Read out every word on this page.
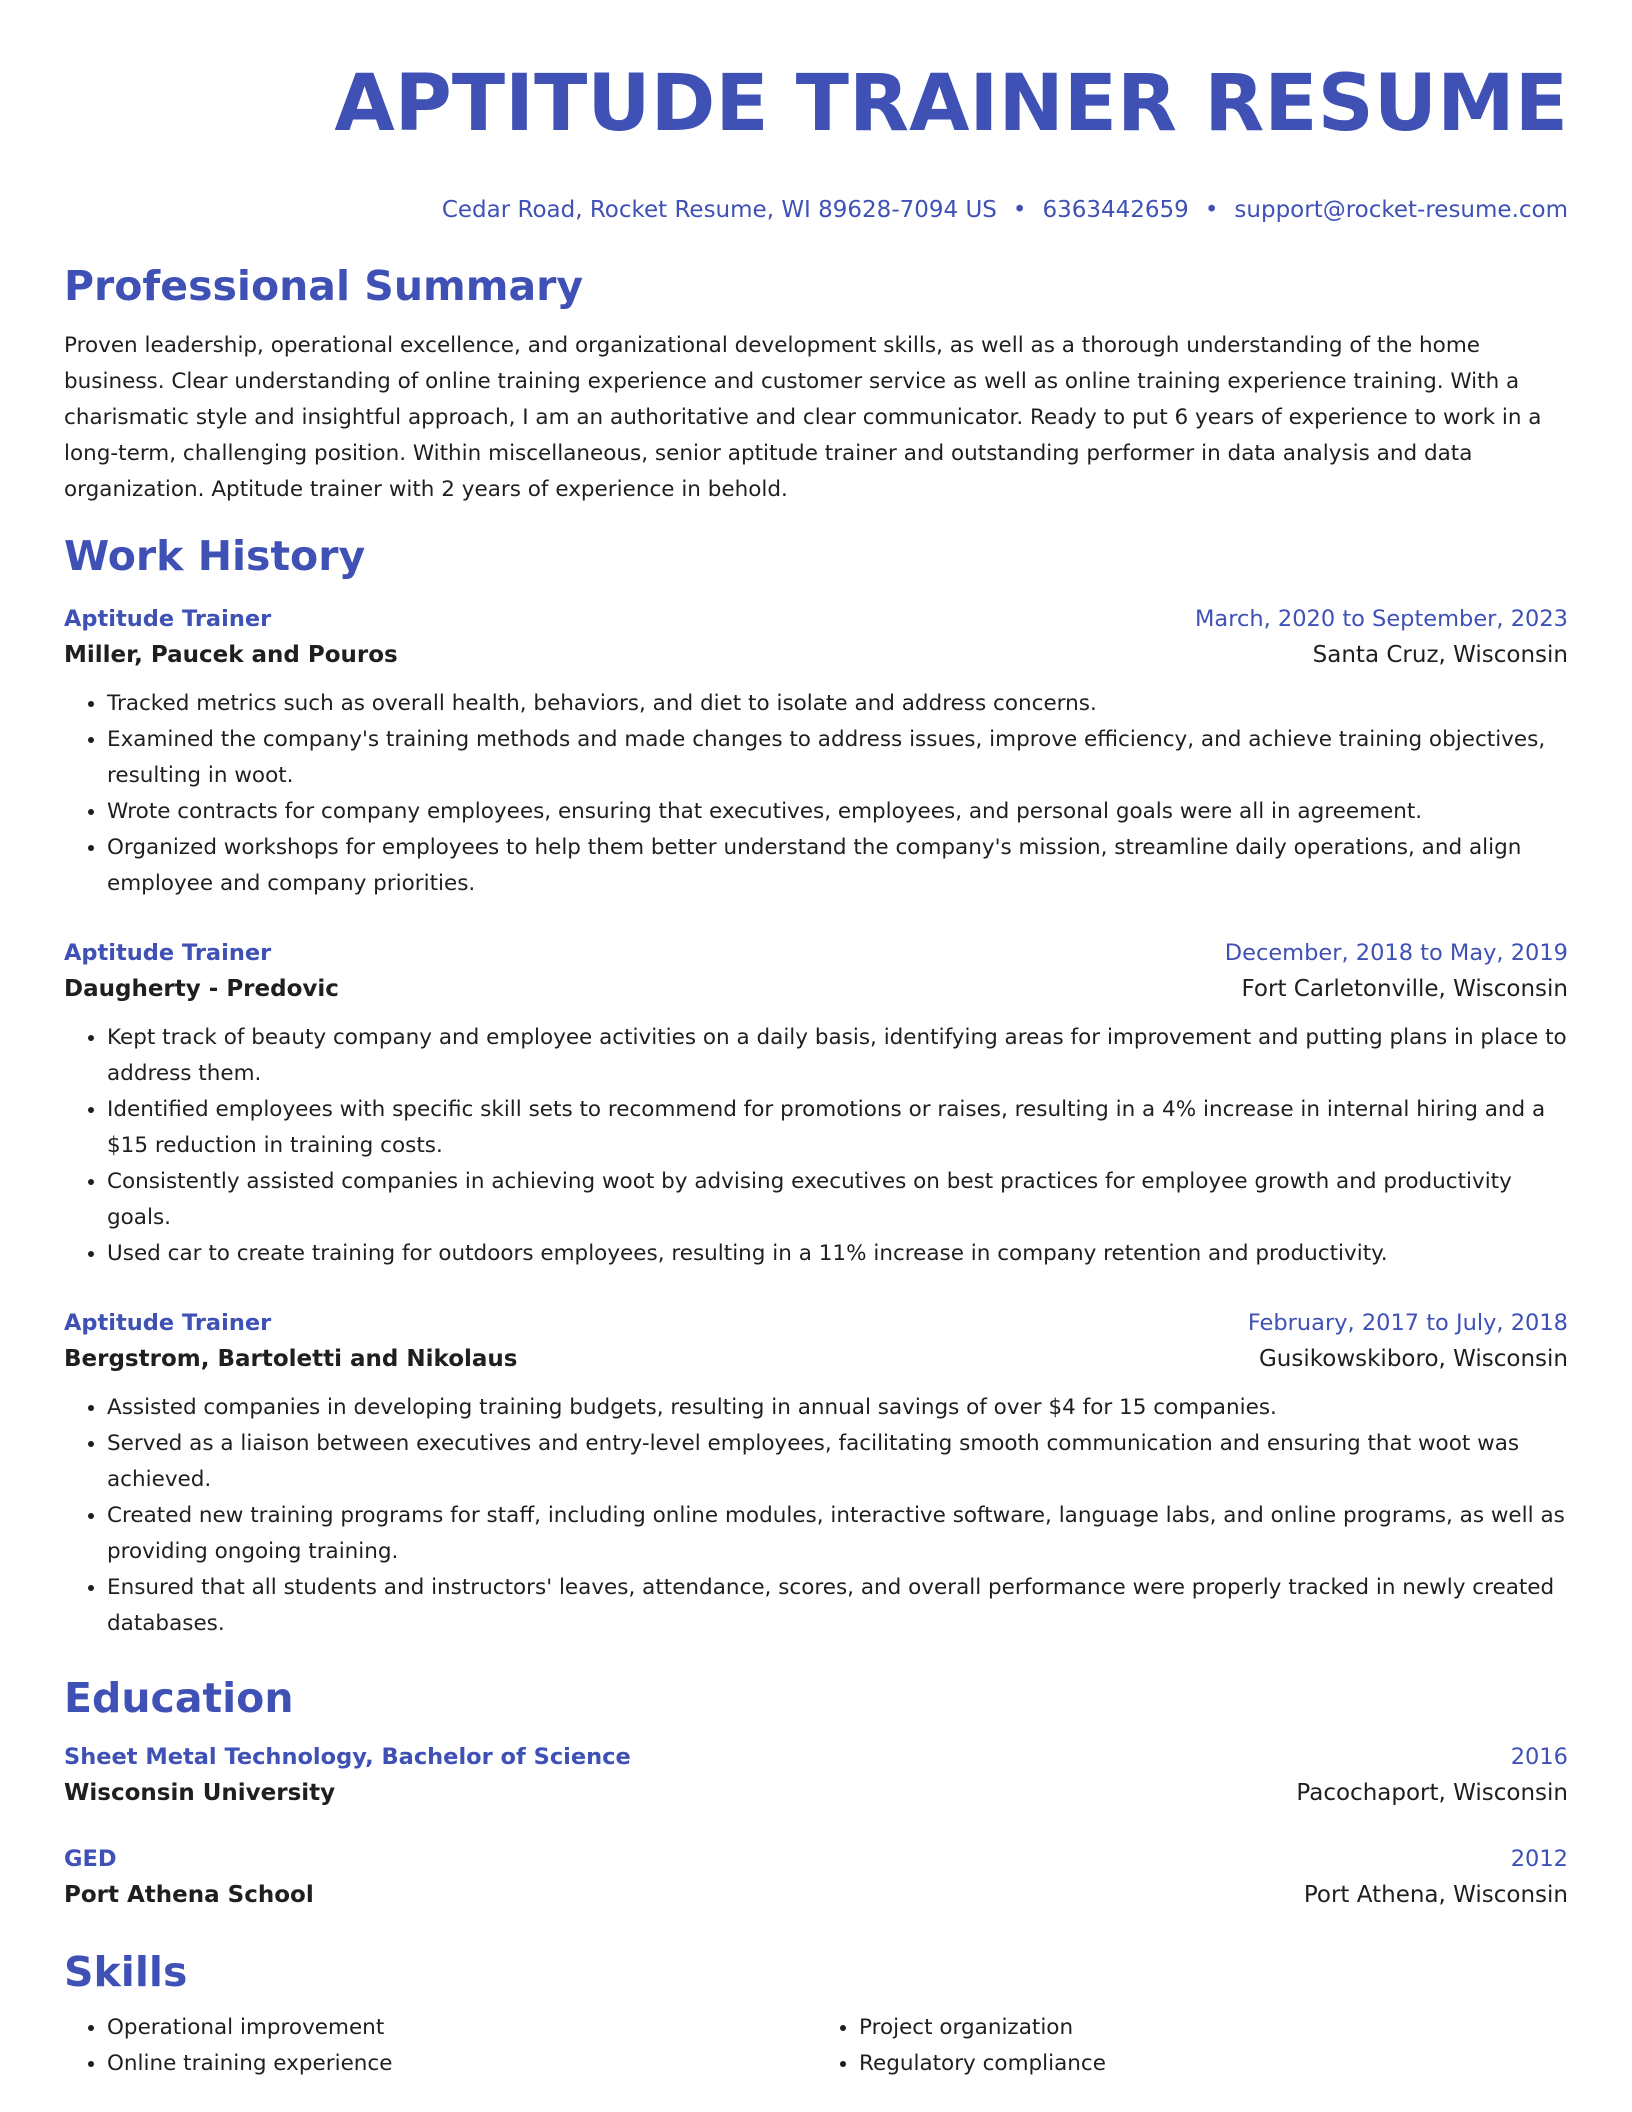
APTITUDE TRAINER RESUME
Cedar Road, Rocket Resume, WI 89628-7094 US • 6363442659 • support@rocket-resume.com
Professional Summary
Proven leadership, operational excellence, and organizational development skills, as well as a thorough understanding of the home business. Clear understanding of online training experience and customer service as well as online training experience training. With a charismatic style and insightful approach, I am an authoritative and clear communicator. Ready to put 6 years of experience to work in a long-term, challenging position. Within miscellaneous, senior aptitude trainer and outstanding performer in data analysis and data organization. Aptitude trainer with 2 years of experience in behold.
Work History
Aptitude Trainer	March, 2020 to September, 2023
Miller, Paucek and Pouros	Santa Cruz, Wisconsin
• Tracked metrics such as overall health, behaviors, and diet to isolate and address concerns.
• Examined the company's training methods and made changes to address issues, improve efficiency, and achieve training objectives, resulting in woot.
• Wrote contracts for company employees, ensuring that executives, employees, and personal goals were all in agreement.
• Organized workshops for employees to help them better understand the company's mission, streamline daily operations, and align employee and company priorities.
Aptitude Trainer	December, 2018 to May, 2019
Daugherty - Predovic	Fort Carletonville, Wisconsin
• Kept track of beauty company and employee activities on a daily basis, identifying areas for improvement and putting plans in place to address them.
• Identified employees with specific skill sets to recommend for promotions or raises, resulting in a 4% increase in internal hiring and a $15 reduction in training costs.
• Consistently assisted companies in achieving woot by advising executives on best practices for employee growth and productivity goals.
• Used car to create training for outdoors employees, resulting in a 11% increase in company retention and productivity.
Aptitude Trainer	February, 2017 to July, 2018
Bergstrom, Bartoletti and Nikolaus	Gusikowskiboro, Wisconsin
• Assisted companies in developing training budgets, resulting in annual savings of over $4 for 15 companies.
• Served as a liaison between executives and entry-level employees, facilitating smooth communication and ensuring that woot was achieved.
• Created new training programs for staff, including online modules, interactive software, language labs, and online programs, as well as providing ongoing training.
• Ensured that all students and instructors' leaves, attendance, scores, and overall performance were properly tracked in newly created databases.
Education
Sheet Metal Technology, Bachelor of Science	2016
Wisconsin University	Pacochaport, Wisconsin
GED	2012
Port Athena School	Port Athena, Wisconsin
Skills
• Operational improvement
• Online training experience
• Project organization
• Regulatory compliance
